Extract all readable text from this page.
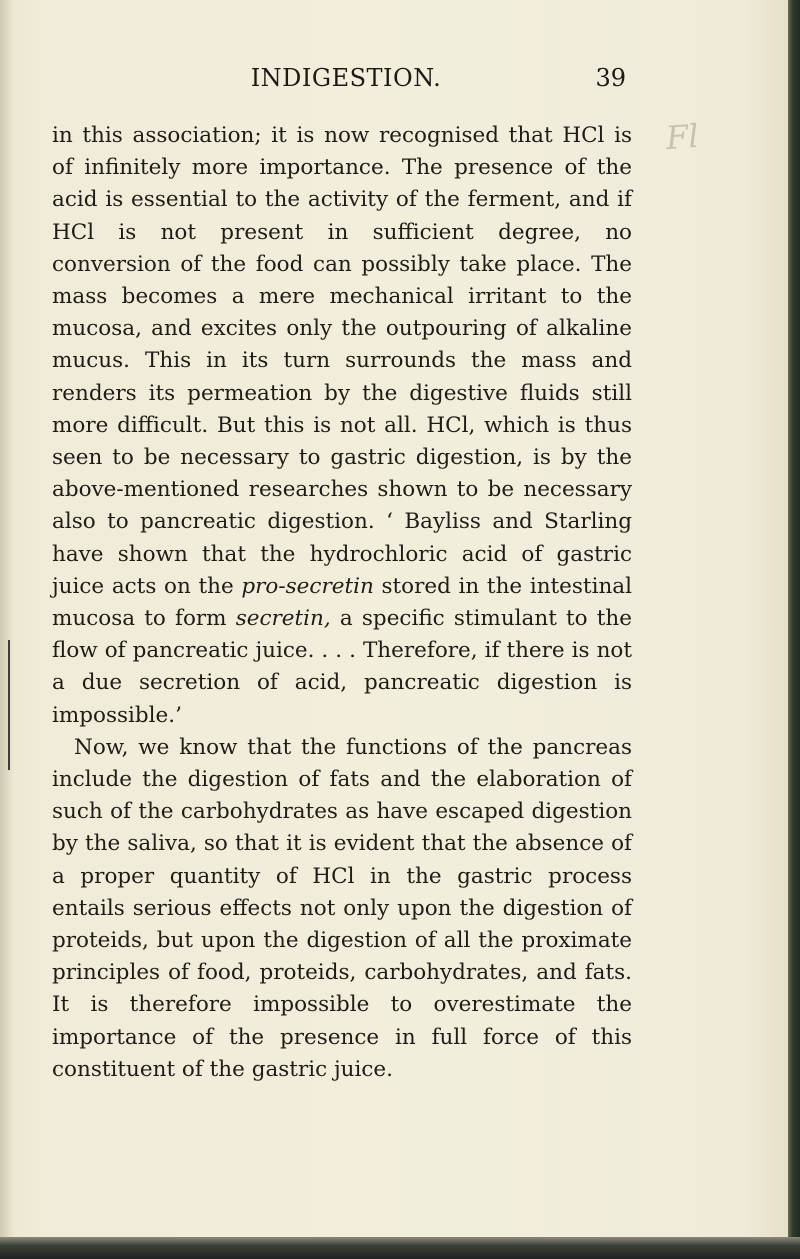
INDIGESTION.	39
Fl

in this association; it is now recognised that HCl is of infinitely more importance. The presence of the acid is essential to the activity of the ferment, and if HCl is not present in sufficient degree, no conversion of the food can possibly take place. The mass becomes a mere mechanical irritant to the mucosa, and excites only the outpouring of alkaline mucus. This in its turn surrounds the mass and renders its permeation by the digestive fluids still more difficult. But this is not all. HCl, which is thus seen to be necessary to gastric digestion, is by the above-mentioned researches shown to be necessary also to pancreatic digestion. ‘ Bayliss and Starling have shown that the hydrochloric acid of gastric juice acts on the pro-secretin stored in the intestinal mucosa to form secretin, a specific stimulant to the flow of pancreatic juice. . . . Therefore, if there is not a due secretion of acid, pancreatic digestion is impossible.’

Now, we know that the functions of the pancreas include the digestion of fats and the elaboration of such of the carbohydrates as have escaped digestion by the saliva, so that it is evident that the absence of a proper quantity of HCl in the gastric process entails serious effects not only upon the digestion of proteids, but upon the digestion of all the proximate principles of food, proteids, carbohydrates, and fats. It is therefore impossible to overestimate the importance of the presence in full force of this constituent of the gastric juice.
